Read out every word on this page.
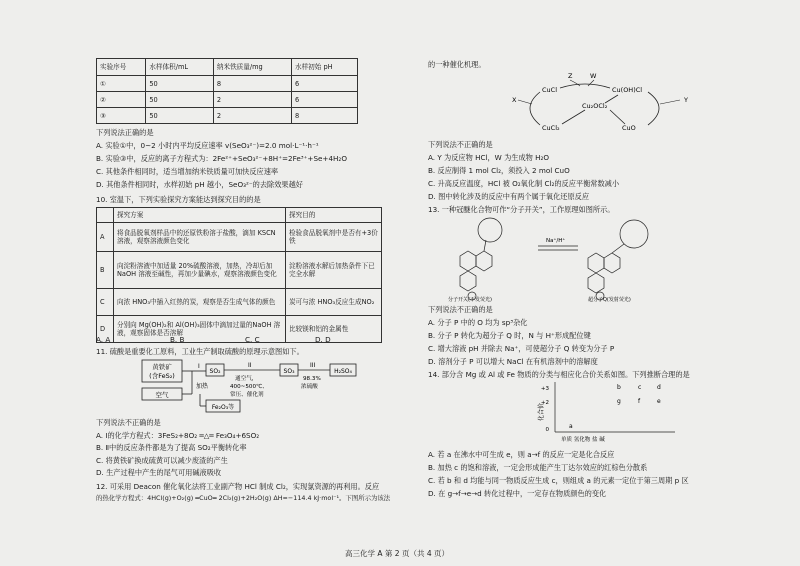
实验序号	水样体积/mL	纳米铁质量/mg	水样初始 pH
①	50	8	6
②	50	2	6
③	50	2	8
下列说法正确的是
A. 实验①中，0~2 小时内平均反应速率 v(SeO₃²⁻)=2.0 mol·L⁻¹·h⁻¹
B. 实验③中，反应的离子方程式为：2Fe²⁺+SeO₃²⁻+8H⁺=2Fe³⁺+Se+4H₂O
C. 其他条件相同时，适当增加纳米铁质量可加快反应速率
D. 其他条件相同时，水样初始 pH 越小，SeO₃²⁻的去除效果越好
10. 室温下，下列实验探究方案能达到探究目的的是
	探究方案	探究目的
A	将食品脱氧剂样品中的还原铁粉溶于盐酸，滴加 KSCN 溶液，观察溶液颜色变化	检验食品脱氧剂中是否有+3价铁
B	向淀粉溶液中加适量 20%硫酸溶液，加热，冷却后加 NaOH 溶液至碱性，再加少量碘水，观察溶液颜色变化	淀粉溶液水解后加热条件下已完全水解
C	向浓 HNO₃中插入红热的炭，观察是否生成气体的颜色	炭可与浓 HNO₃反应生成NO₂
D	分别向 Mg(OH)₂和 Al(OH)₃固体中滴加过量的NaOH 溶液，观察固体是否溶解	比较镁和铝的金属性
A. A	B. B	C. C	D. D
11. 硫酸是重要化工原料，工业生产制取硫酸的原理示意图如下。
黄铁矿
(含FeS₂)
空气
I
加热
SO₂
Fe₂O₃等
II
通空气，
400~500℃、
常压、催化剂
SO₃
III
98.3%
浓硫酸
H₂SO₄
下列说法不正确的是
A. Ⅰ的化学方程式：3FeS₂+8O₂ ═△═ Fe₃O₄+6SO₂
B. Ⅱ中的反应条件都是为了提高 SO₂平衡转化率
C. 将黄铁矿换成硫黄可以减少废渣的产生
D. 生产过程中产生的尾气可用碱液吸收
12. 可采用 Deacon 催化氧化法将工业副产物 HCl 制成 Cl₂，实现氯资源的再利用。反应
的热化学方程式：4HCl(g)+O₂(g) ═CuO═ 2Cl₂(g)+2H₂O(g) ΔH=−114.4 kJ·mol⁻¹。下图所示为该法
的一种催化机理。
CuCl	Cu(OH)Cl
Cu₂OCl₂
CuCl₂	CuO
X	Y
Z	W
下列说法不正确的是
A. Y 为反应物 HCl，W 为生成物 H₂O
B. 反应制得 1 mol Cl₂，须投入 2 mol CuO
C. 升高反应温度，HCl 被 O₂氧化制 Cl₂的反应平衡常数减小
D. 图中转化涉及的反应中有两个属于氧化还原反应
13. 一种冠醚化合物可作“分子开关”，工作原理如图所示。
分子开关(不发荧光)
Na⁺/H⁺
超分子Q(发射荧光)
下列说法不正确的是
A. 分子 P 中的 O 均为 sp³杂化
B. 分子 P 转化为超分子 Q 时，N 与 H⁺形成配位键
C. 增大溶液 pH 并除去 Na⁺，可使超分子 Q 转变为分子 P
D. 溶剂分子 P 可以增大 NaCl 在有机溶剂中的溶解度
14. 部分含 Mg 或 Al 或 Fe 物质的分类与相应化合价关系如图。下列推断合理的是
化合价
+3
+2
0
b	c	d
f	e
g
a
单质 氢化物 盐 碱
A. 若 a 在沸水中可生成 e，则 a→f 的反应一定是化合反应
B. 加热 c 的饱和溶液，一定会形成能产生丁达尔效应的红棕色分散系
C. 若 b 和 d 均能与同一物质反应生成 c，则组成 a 的元素一定位于第三周期 p 区
D. 在 g→f→e→d 转化过程中，一定存在物质颜色的变化
高三化学 A 第 2 页（共 4 页）
